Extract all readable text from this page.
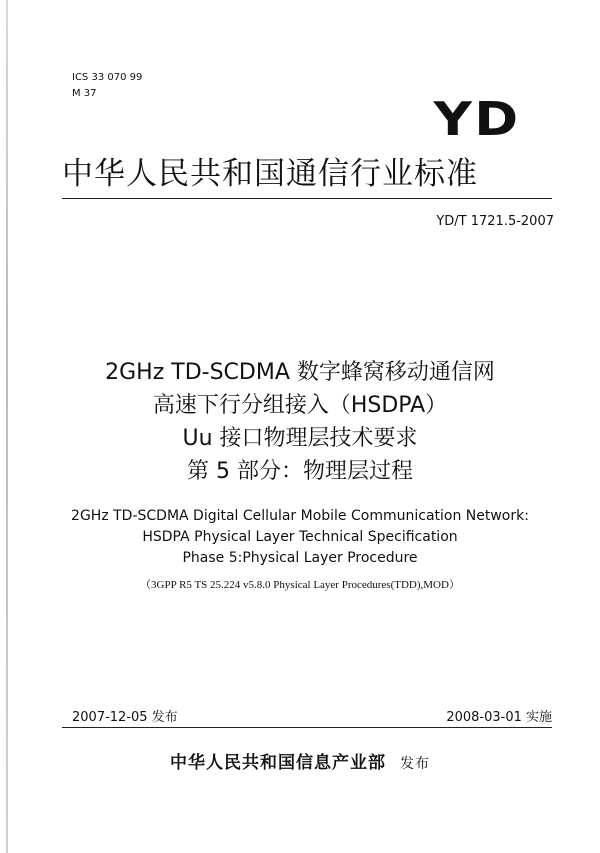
ICS 33 070 99
M 37	YD
中华人民共和国通信行业标准
YD/T 1721.5-2007
2GHz TD-SCDMA 数字蜂窝移动通信网
高速下行分组接入（HSDPA）
Uu 接口物理层技术要求
第 5 部分：物理层过程
2GHz TD-SCDMA Digital Cellular Mobile Communication Network:
HSDPA Physical Layer Technical Specification
Phase 5:Physical Layer Procedure
（3GPP R5 TS 25.224 v5.8.0 Physical Layer Procedures(TDD),MOD）
2007-12-05 发布	2008-03-01 实施
中华人民共和国信息产业部 发布
